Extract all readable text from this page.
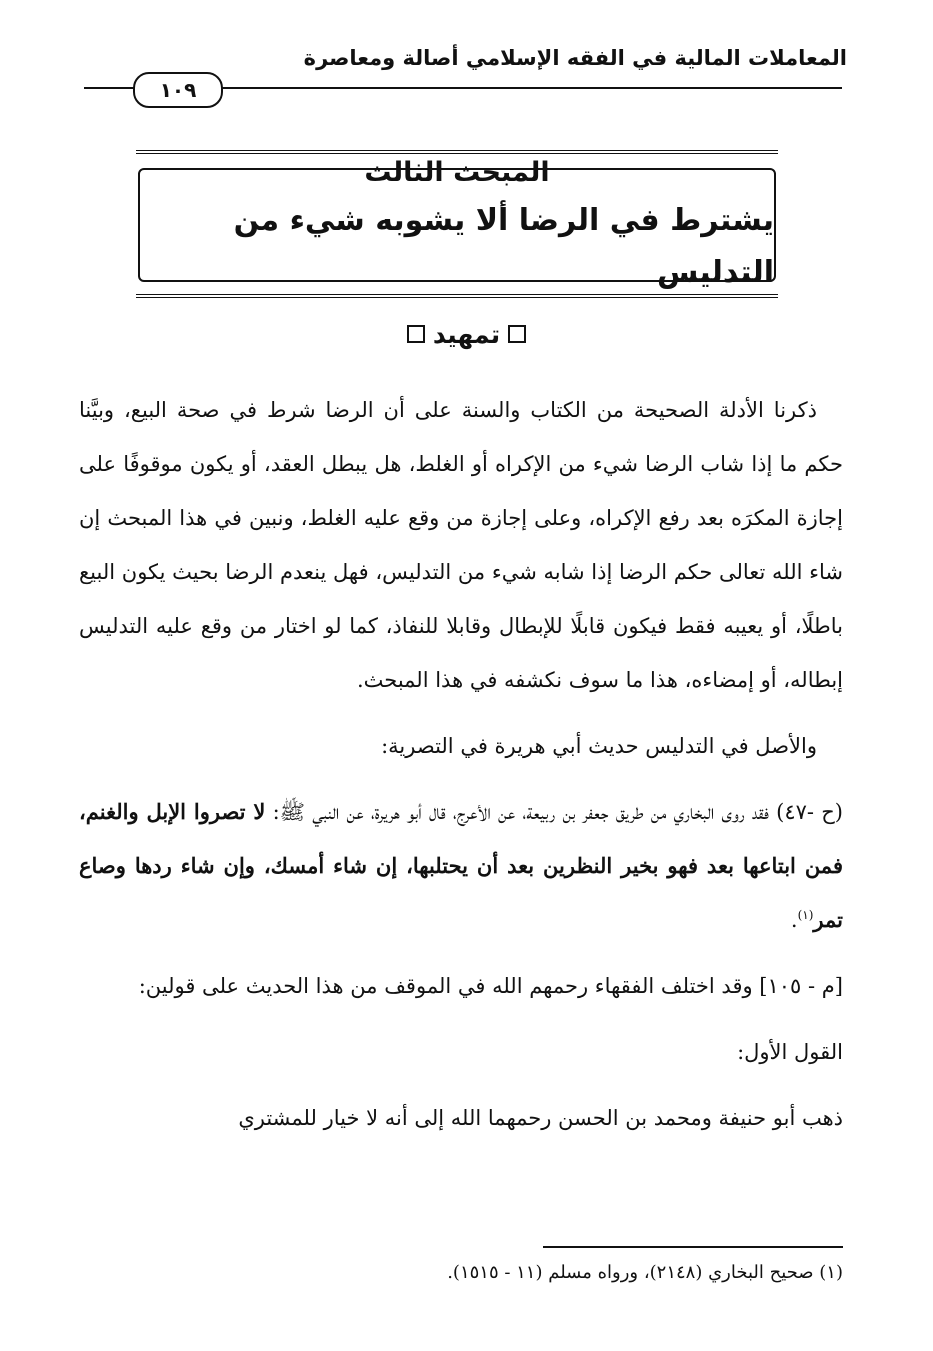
المعاملات المالية في الفقه الإسلامي أصالة ومعاصرة
١٠٩
المبحث الثالث
يشترط في الرضا ألا يشوبه شيء من التدليس
تمهيد

ذكرنا الأدلة الصحيحة من الكتاب والسنة على أن الرضا شرط في صحة البيع، وبيَّنا حكم ما إذا شاب الرضا شيء من الإكراه أو الغلط، هل يبطل العقد، أو يكون موقوفًا على إجازة المكرَه بعد رفع الإكراه، وعلى إجازة من وقع عليه الغلط، ونبين في هذا المبحث إن شاء الله تعالى حكم الرضا إذا شابه شيء من التدليس، فهل ينعدم الرضا بحيث يكون البيع باطلًا، أو يعيبه فقط فيكون قابلًا للإبطال وقابلا للنفاذ، كما لو اختار من وقع عليه التدليس إبطاله، أو إمضاءه، هذا ما سوف نكشفه في هذا المبحث.

والأصل في التدليس حديث أبي هريرة في التصرية:

(ح -٤٧) فقد روى البخاري من طريق جعفر بن ربيعة، عن الأعرج، قال أبو هريرة، عن النبي ﷺ: لا تصروا الإبل والغنم، فمن ابتاعها بعد فهو بخير النظرين بعد أن يحتلبها، إن شاء أمسك، وإن شاء ردها وصاع تمر$^{(١)}$.

[م - ١٠٥] وقد اختلف الفقهاء رحمهم الله في الموقف من هذا الحديث على قولين:

القول الأول:

ذهب أبو حنيفة ومحمد بن الحسن رحمهما الله إلى أنه لا خيار للمشتري

(١) صحيح البخاري (٢١٤٨)، ورواه مسلم (١١ - ١٥١٥).
